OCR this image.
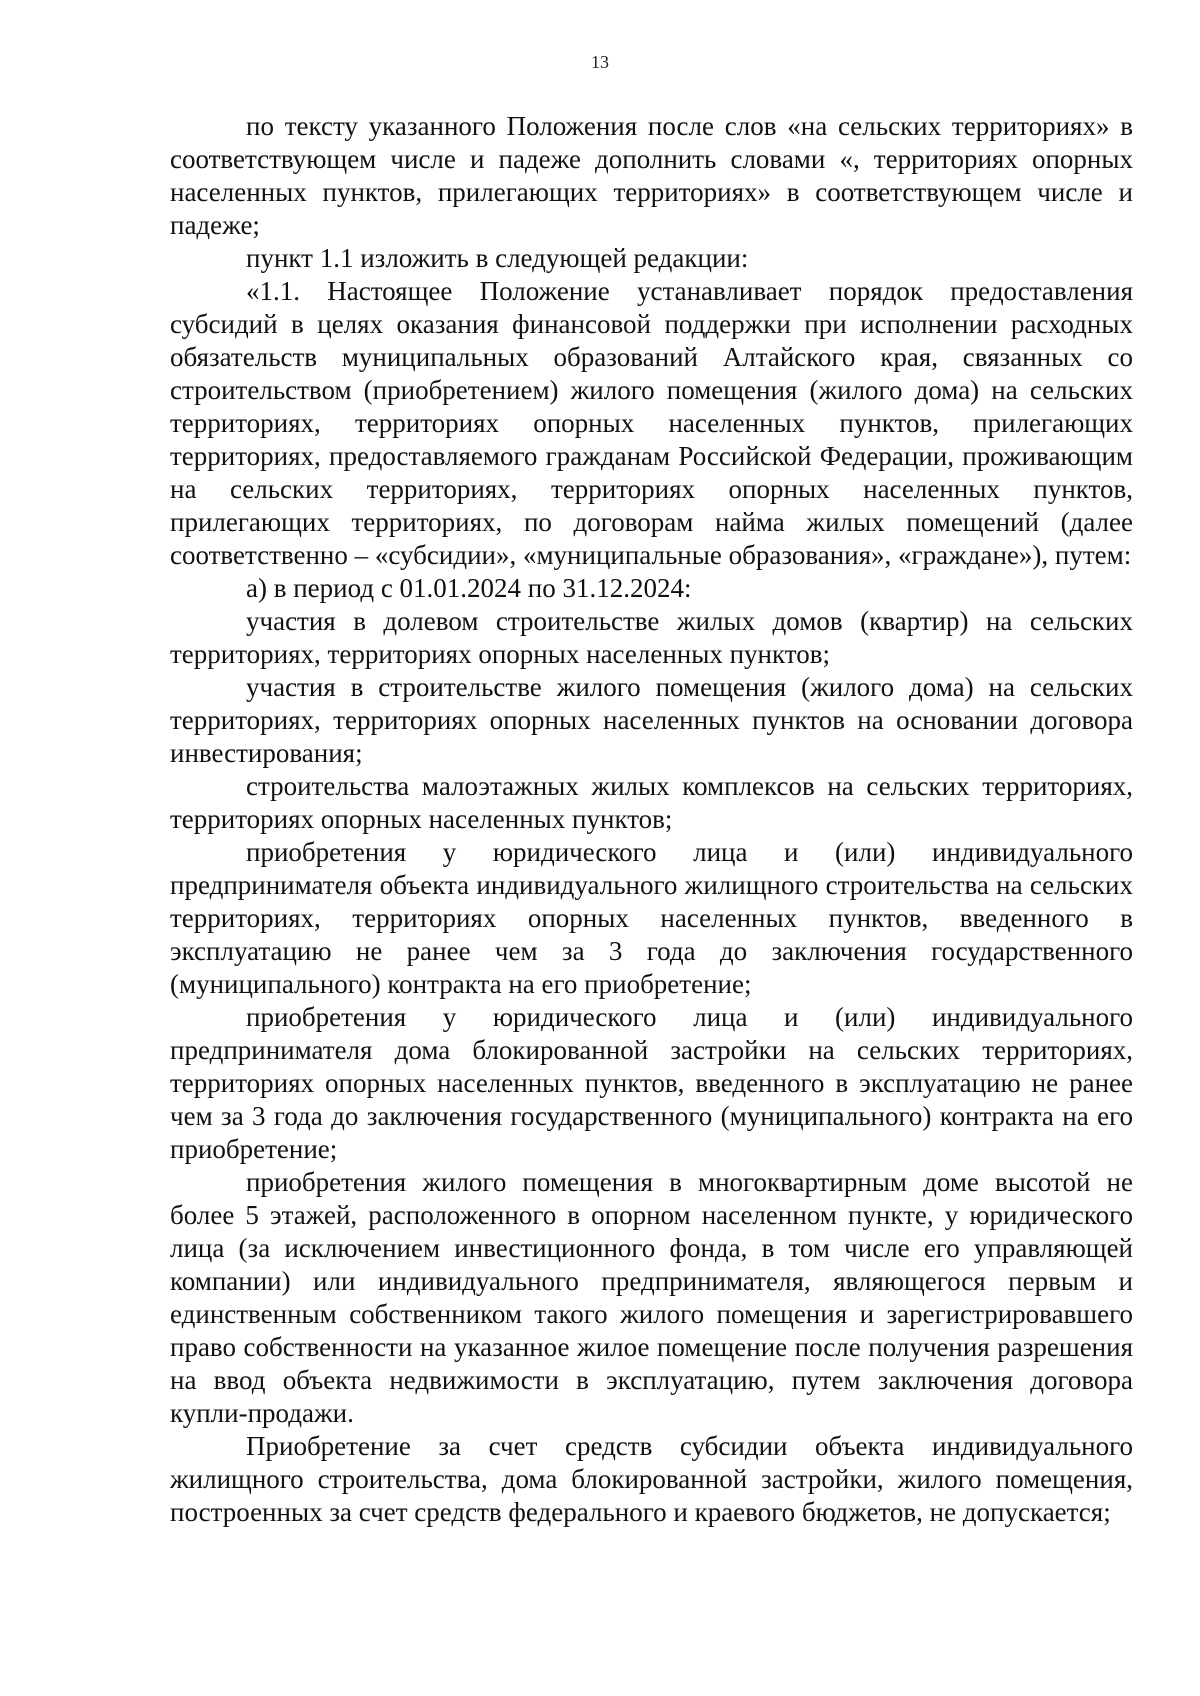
13

по тексту указанного Положения после слов «на сельских территориях» в соответствующем числе и падеже дополнить словами «, территориях опорных населенных пунктов, прилегающих территориях» в соответствующем числе и падеже;

пункт 1.1 изложить в следующей редакции:

«1.1. Настоящее Положение устанавливает порядок предоставления субсидий в целях оказания финансовой поддержки при исполнении расходных обязательств муниципальных образований Алтайского края, связанных со строительством (приобретением) жилого помещения (жилого дома) на сельских территориях, территориях опорных населенных пунктов, прилегающих территориях, предоставляемого гражданам Российской Федерации, проживающим на сельских территориях, территориях опорных населенных пунктов, прилегающих территориях, по договорам найма жилых помещений (далее соответственно – «субсидии», «муниципальные образования», «граждане»), путем:

а) в период с 01.01.2024 по 31.12.2024:

участия в долевом строительстве жилых домов (квартир) на сельских территориях, территориях опорных населенных пунктов;

участия в строительстве жилого помещения (жилого дома) на сельских территориях, территориях опорных населенных пунктов на основании договора инвестирования;

строительства малоэтажных жилых комплексов на сельских территориях, территориях опорных населенных пунктов;

приобретения у юридического лица и (или) индивидуального предпринимателя объекта индивидуального жилищного строительства на сельских территориях, территориях опорных населенных пунктов, введенного в эксплуатацию не ранее чем за 3 года до заключения государственного (муниципального) контракта на его приобретение;

приобретения у юридического лица и (или) индивидуального предпринимателя дома блокированной застройки на сельских территориях, территориях опорных населенных пунктов, введенного в эксплуатацию не ранее чем за 3 года до заключения государственного (муниципального) контракта на его приобретение;

приобретения жилого помещения в многоквартирным доме высотой не более 5 этажей, расположенного в опорном населенном пункте, у юридического лица (за исключением инвестиционного фонда, в том числе его управляющей компании) или индивидуального предпринимателя, являющегося первым и единственным собственником такого жилого помещения и зарегистрировавшего право собственности на указанное жилое помещение после получения разрешения на ввод объекта недвижимости в эксплуатацию, путем заключения договора купли-продажи.

Приобретение за счет средств субсидии объекта индивидуального жилищного строительства, дома блокированной застройки, жилого помещения, построенных за счет средств федерального и краевого бюджетов, не допускается;
